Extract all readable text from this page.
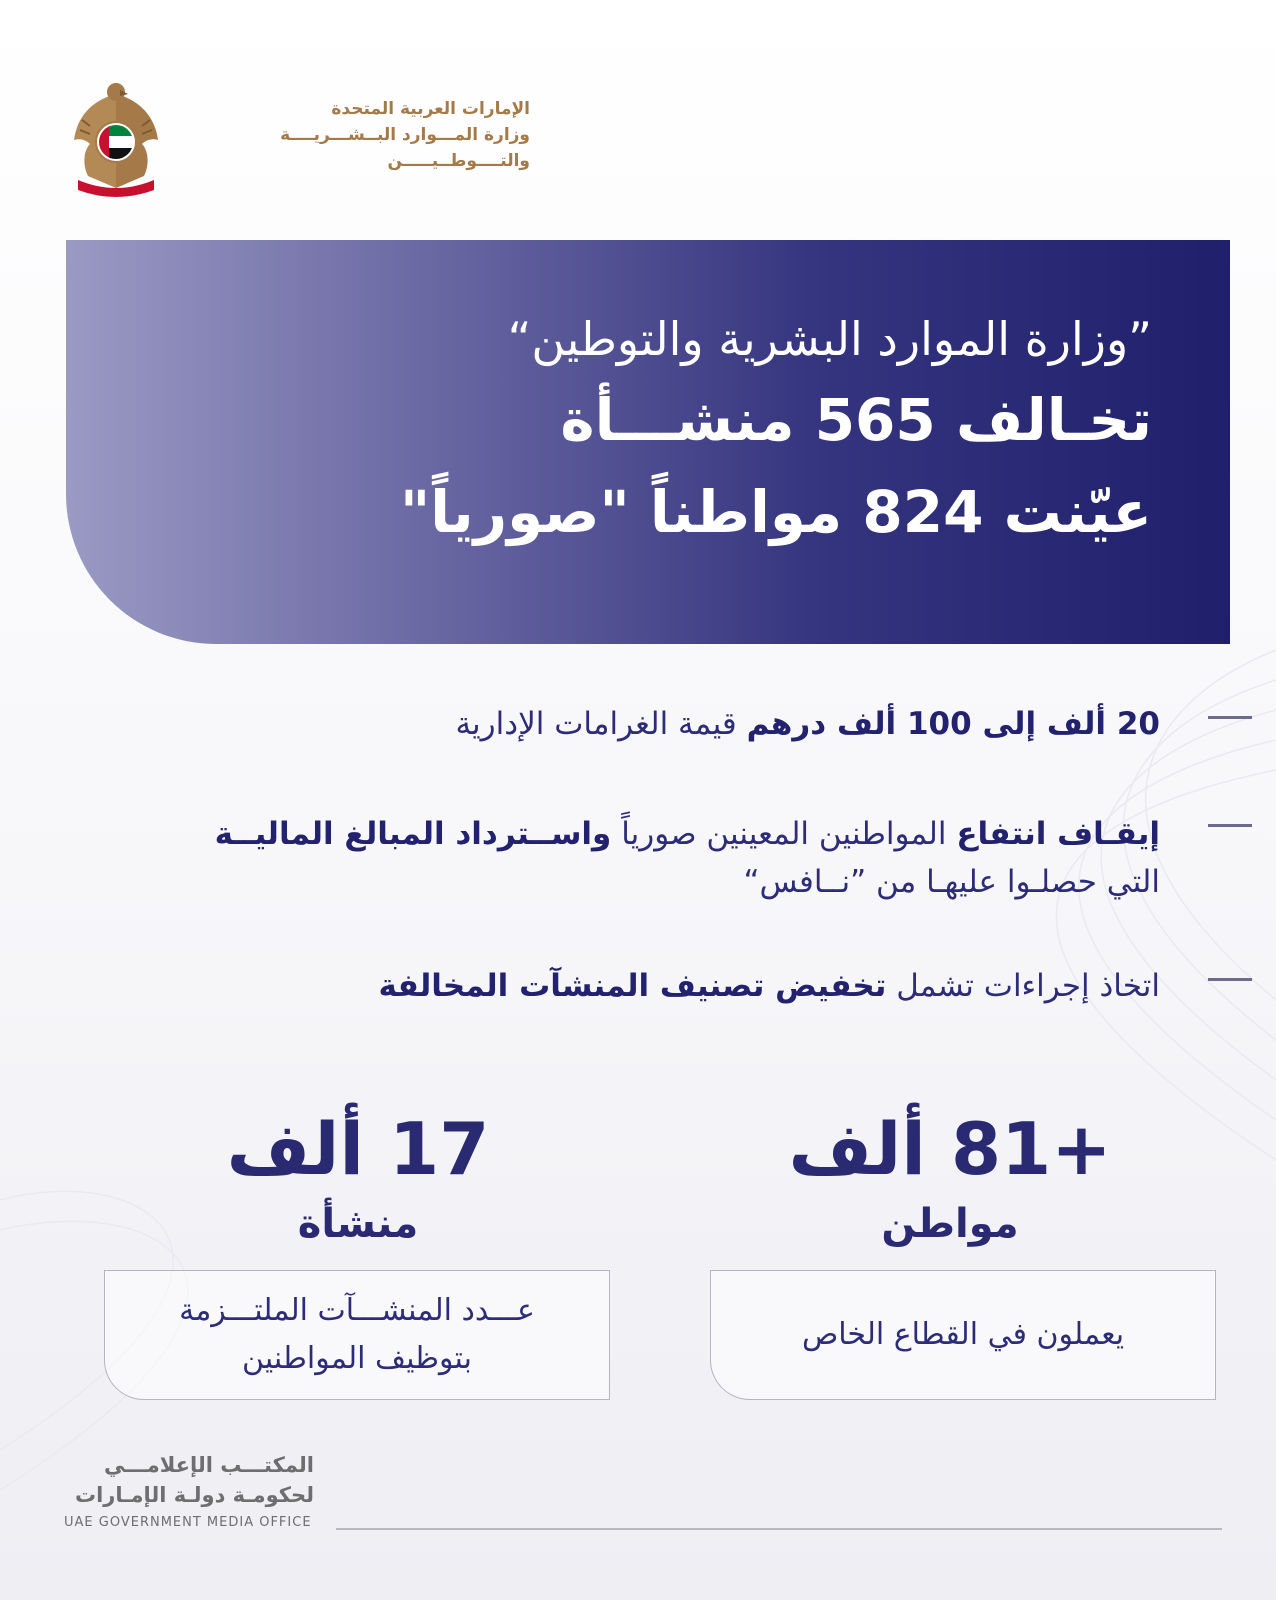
الإمارات العربية المتحدة
وزارة المـــوارد البــشـــريــــة
والتــــوطــيـــــن
”وزارة الموارد البشرية والتوطين“
تخـالف 565 منشـــأة
عيّنت 824 مواطناً "صورياً"
20 ألف إلى 100 ألف درهم قيمة الغرامات الإدارية
إيقـاف انتفاع المواطنين المعينين صورياً واســترداد المبالغ الماليــة
التي حصلـوا عليهـا من ”نــافس“
اتخاذ إجراءات تشمل تخفيض تصنيف المنشآت المخالفة
+81 ألف
مواطن
17 ألف
منشأة
يعملون في القطاع الخاص
عـــدد المنشـــآت الملتـــزمة
بتوظيف المواطنين
المكتـــب الإعلامـــي
لحكومـة دولـة الإمـارات
UAE GOVERNMENT MEDIA OFFICE
